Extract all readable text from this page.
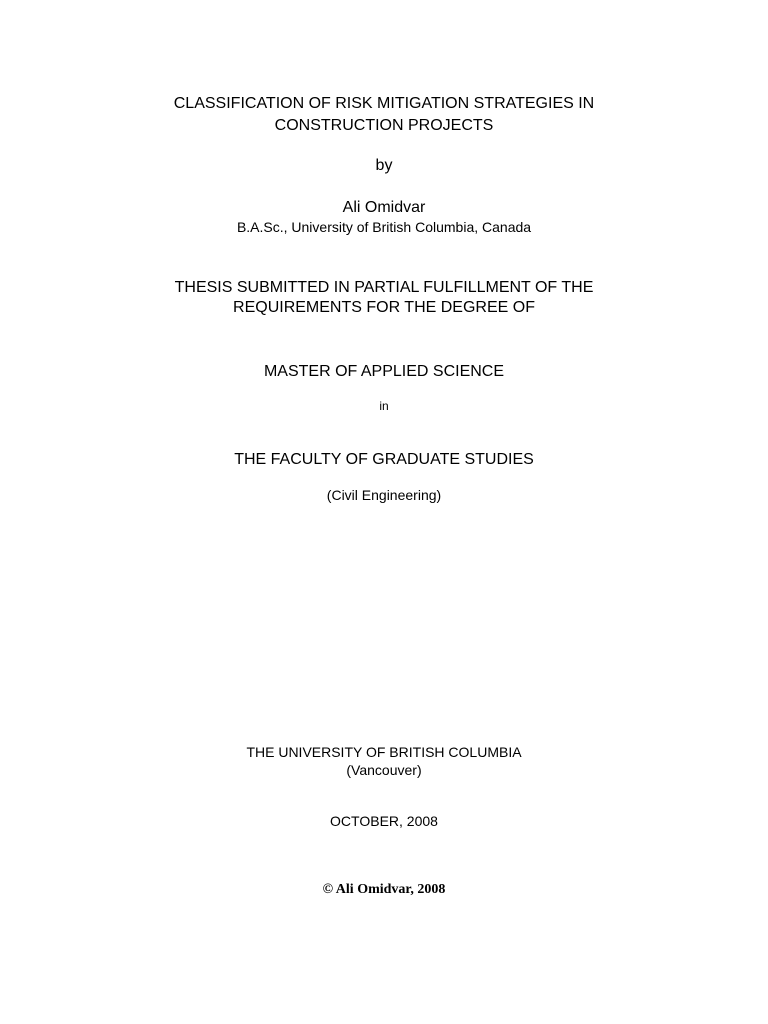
CLASSIFICATION OF RISK MITIGATION STRATEGIES IN
CONSTRUCTION PROJECTS
by
Ali Omidvar
B.A.Sc., University of British Columbia, Canada
THESIS SUBMITTED IN PARTIAL FULFILLMENT OF THE
REQUIREMENTS FOR THE DEGREE OF
MASTER OF APPLIED SCIENCE
in
THE FACULTY OF GRADUATE STUDIES
(Civil Engineering)
THE UNIVERSITY OF BRITISH COLUMBIA
(Vancouver)
OCTOBER, 2008
© Ali Omidvar, 2008
